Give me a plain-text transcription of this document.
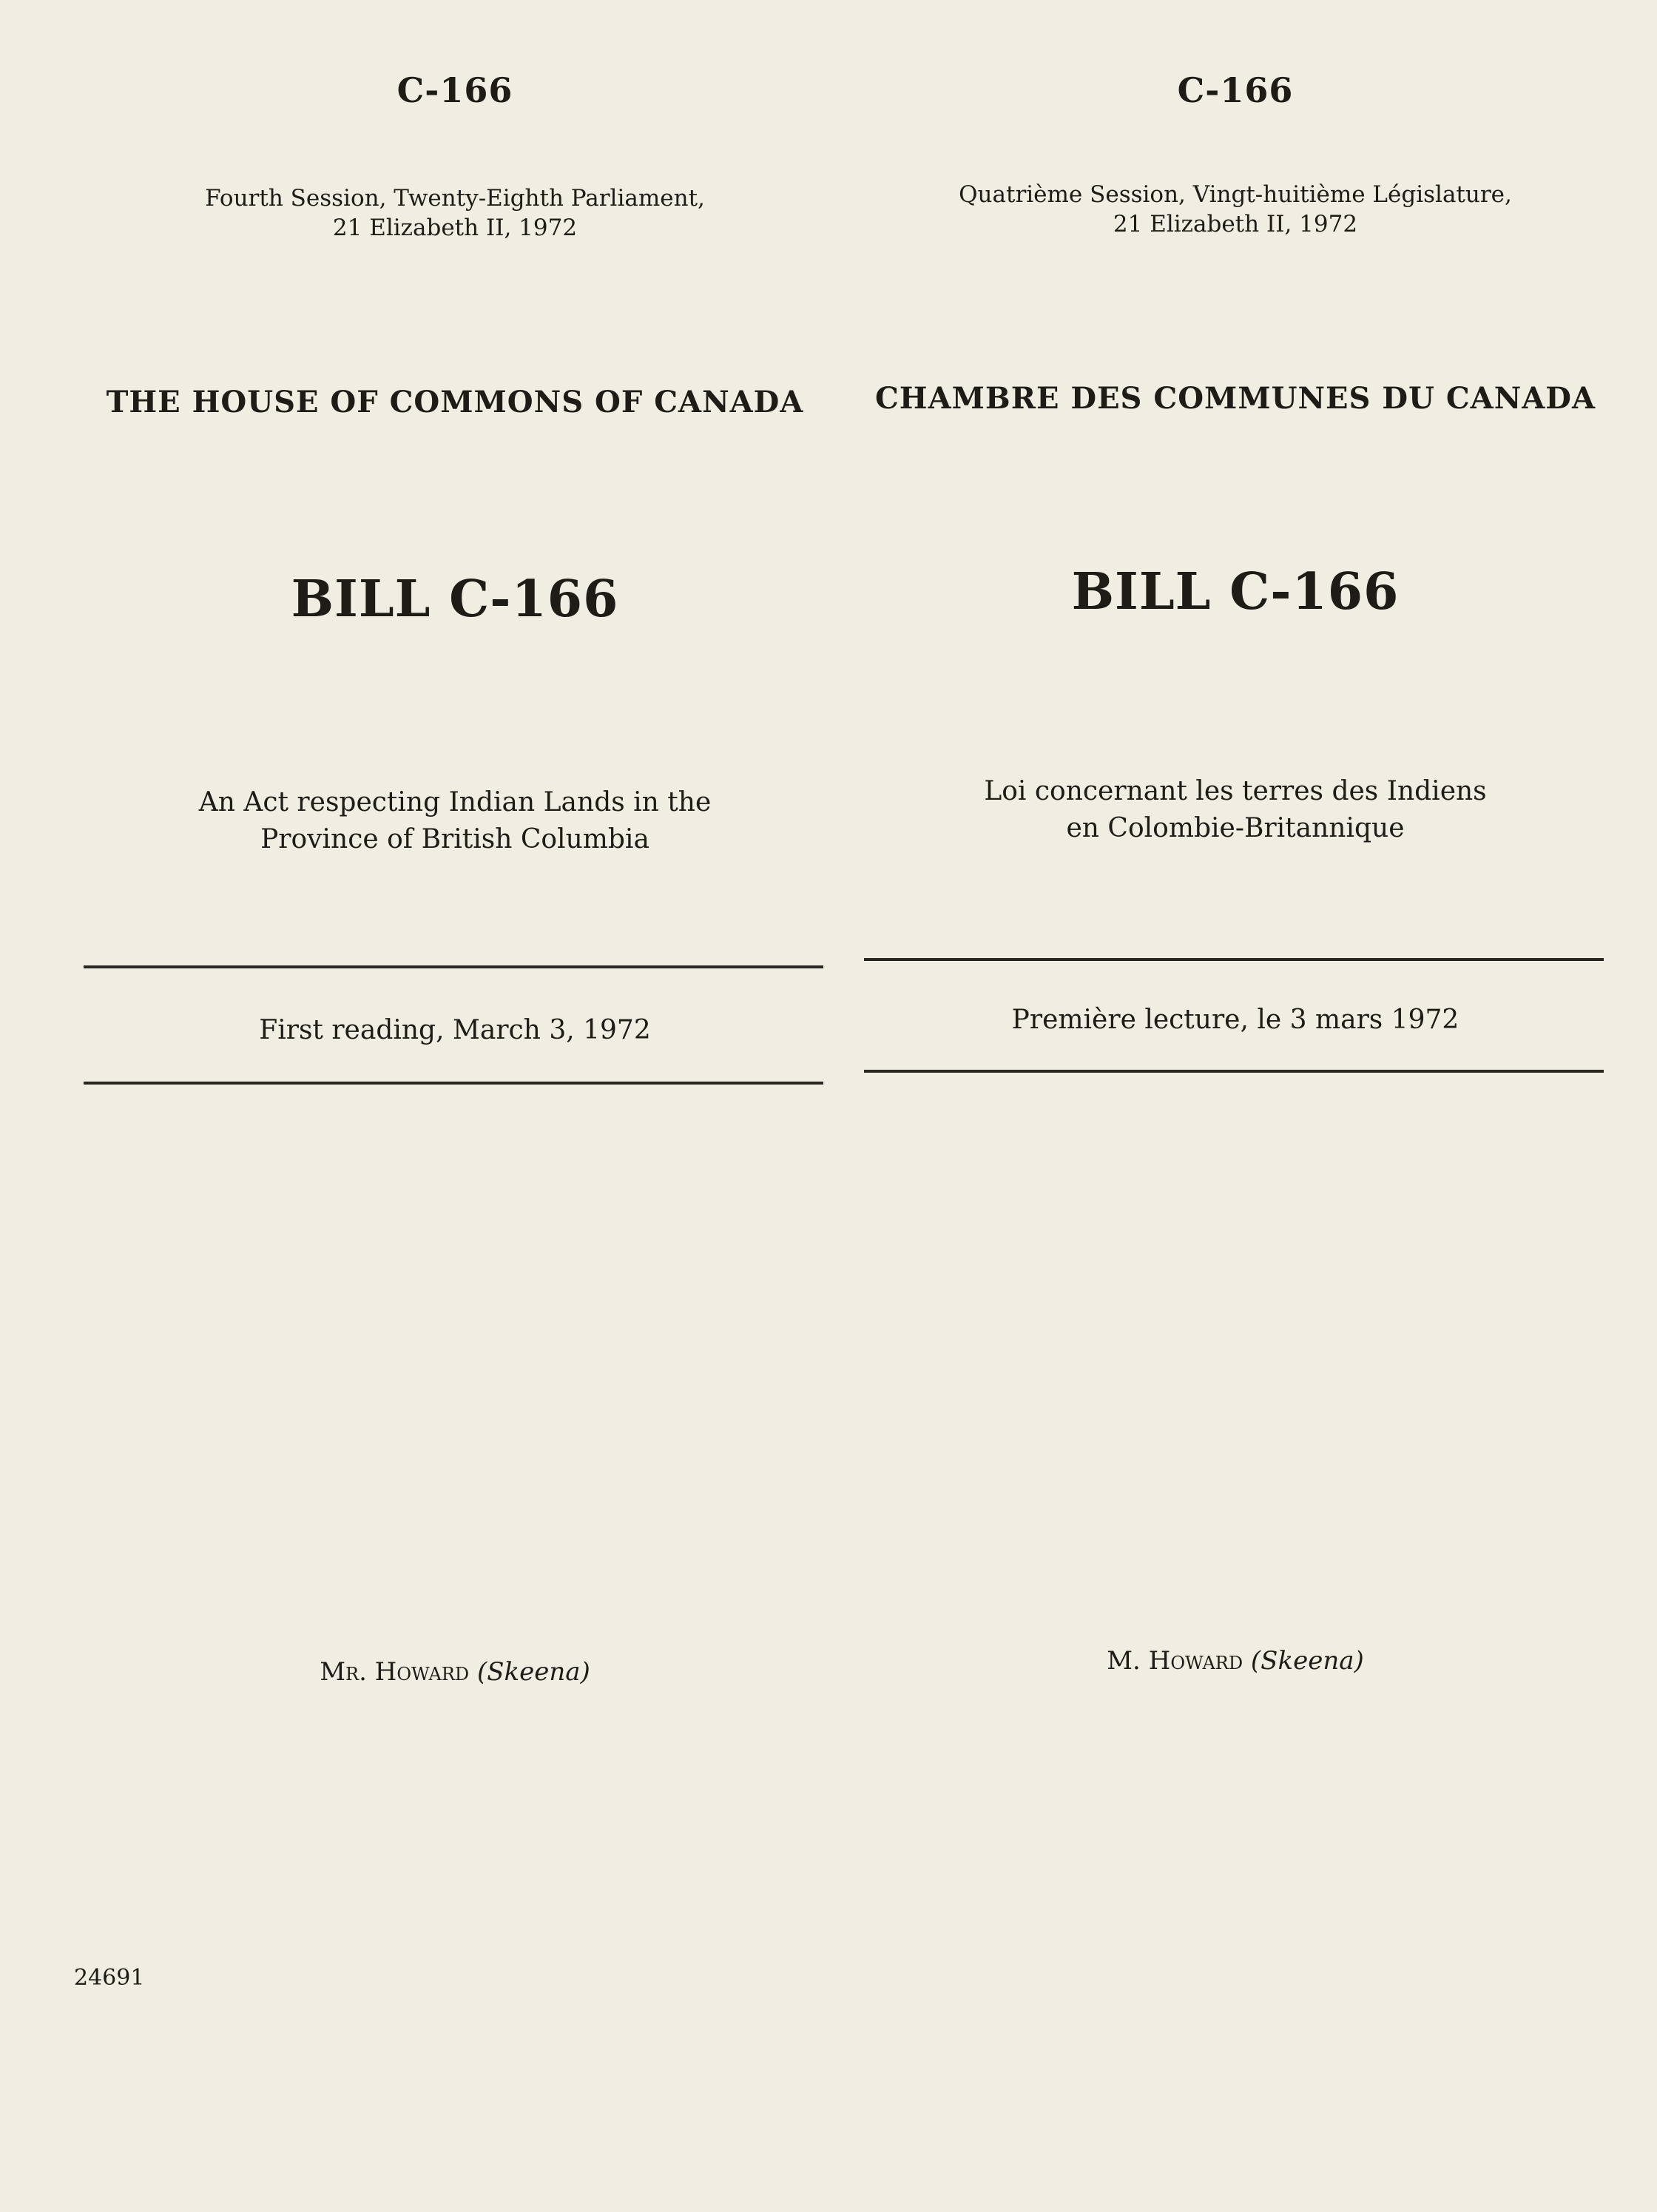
C-166
Fourth Session, Twenty-Eighth Parliament,
21 Elizabeth II, 1972
THE HOUSE OF COMMONS OF CANADA
BILL C-166
An Act respecting Indian Lands in the
Province of British Columbia
First reading, March 3, 1972
Mr. Howard (Skeena)
C-166
Quatrième Session, Vingt-huitième Législature,
21 Elizabeth II, 1972
CHAMBRE DES COMMUNES DU CANADA
BILL C-166
Loi concernant les terres des Indiens
en Colombie-Britannique
Première lecture, le 3 mars 1972
M. Howard (Skeena)
24691
